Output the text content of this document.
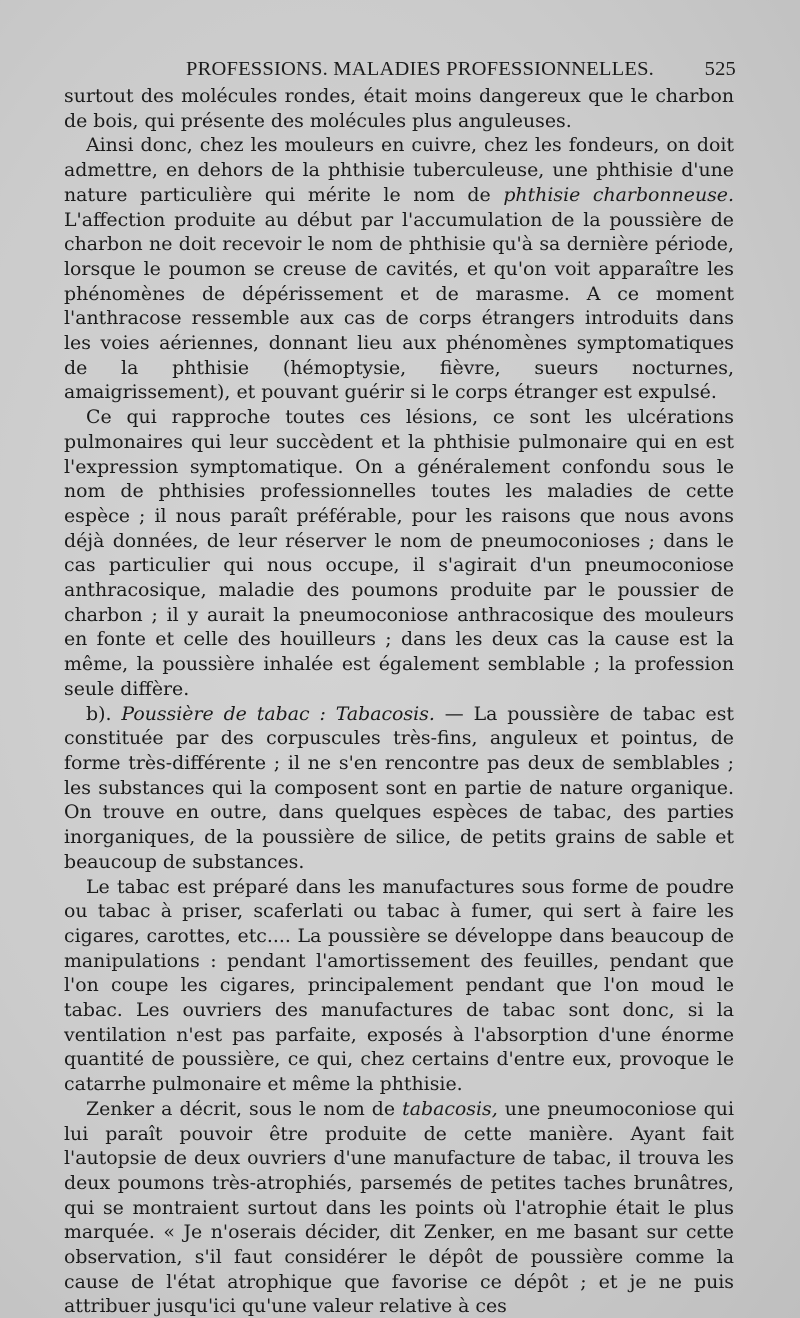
PROFESSIONS. MALADIES PROFESSIONNELLES. 525

surtout des molécules rondes, était moins dangereux que le charbon de bois, qui présente des molécules plus anguleuses.

Ainsi donc, chez les mouleurs en cuivre, chez les fondeurs, on doit admettre, en dehors de la phthisie tuberculeuse, une phthisie d'une nature particulière qui mérite le nom de phthisie charbonneuse. L'affection produite au début par l'accumulation de la poussière de charbon ne doit recevoir le nom de phthisie qu'à sa dernière période, lorsque le poumon se creuse de cavités, et qu'on voit apparaître les phénomènes de dépérissement et de marasme. A ce moment l'anthracose ressemble aux cas de corps étrangers introduits dans les voies aériennes, donnant lieu aux phénomènes symptomatiques de la phthisie (hémoptysie, fièvre, sueurs nocturnes, amaigrissement), et pouvant guérir si le corps étranger est expulsé.

Ce qui rapproche toutes ces lésions, ce sont les ulcérations pulmonaires qui leur succèdent et la phthisie pulmonaire qui en est l'expression symptomatique. On a généralement confondu sous le nom de phthisies professionnelles toutes les maladies de cette espèce ; il nous paraît préférable, pour les raisons que nous avons déjà données, de leur réserver le nom de pneumoconioses ; dans le cas particulier qui nous occupe, il s'agirait d'un pneumoconiose anthracosique, maladie des poumons produite par le poussier de charbon ; il y aurait la pneumoconiose anthracosique des mouleurs en fonte et celle des houilleurs ; dans les deux cas la cause est la même, la poussière inhalée est également semblable ; la profession seule diffère.

b). Poussière de tabac : Tabacosis. — La poussière de tabac est constituée par des corpuscules très-fins, anguleux et pointus, de forme très-différente ; il ne s'en rencontre pas deux de semblables ; les substances qui la composent sont en partie de nature organique. On trouve en outre, dans quelques espèces de tabac, des parties inorganiques, de la poussière de silice, de petits grains de sable et beaucoup de substances.

Le tabac est préparé dans les manufactures sous forme de poudre ou tabac à priser, scaferlati ou tabac à fumer, qui sert à faire les cigares, carottes, etc.... La poussière se développe dans beaucoup de manipulations : pendant l'amortissement des feuilles, pendant que l'on coupe les cigares, principalement pendant que l'on moud le tabac. Les ouvriers des manufactures de tabac sont donc, si la ventilation n'est pas parfaite, exposés à l'absorption d'une énorme quantité de poussière, ce qui, chez certains d'entre eux, provoque le catarrhe pulmonaire et même la phthisie.

Zenker a décrit, sous le nom de tabacosis, une pneumoconiose qui lui paraît pouvoir être produite de cette manière. Ayant fait l'autopsie de deux ouvriers d'une manufacture de tabac, il trouva les deux poumons très-atrophiés, parsemés de petites taches brunâtres, qui se montraient surtout dans les points où l'atrophie était le plus marquée. « Je n'oserais décider, dit Zenker, en me basant sur cette observation, s'il faut considérer le dépôt de poussière comme la cause de l'état atrophique que favorise ce dépôt ; et je ne puis attribuer jusqu'ici qu'une valeur relative à ces
